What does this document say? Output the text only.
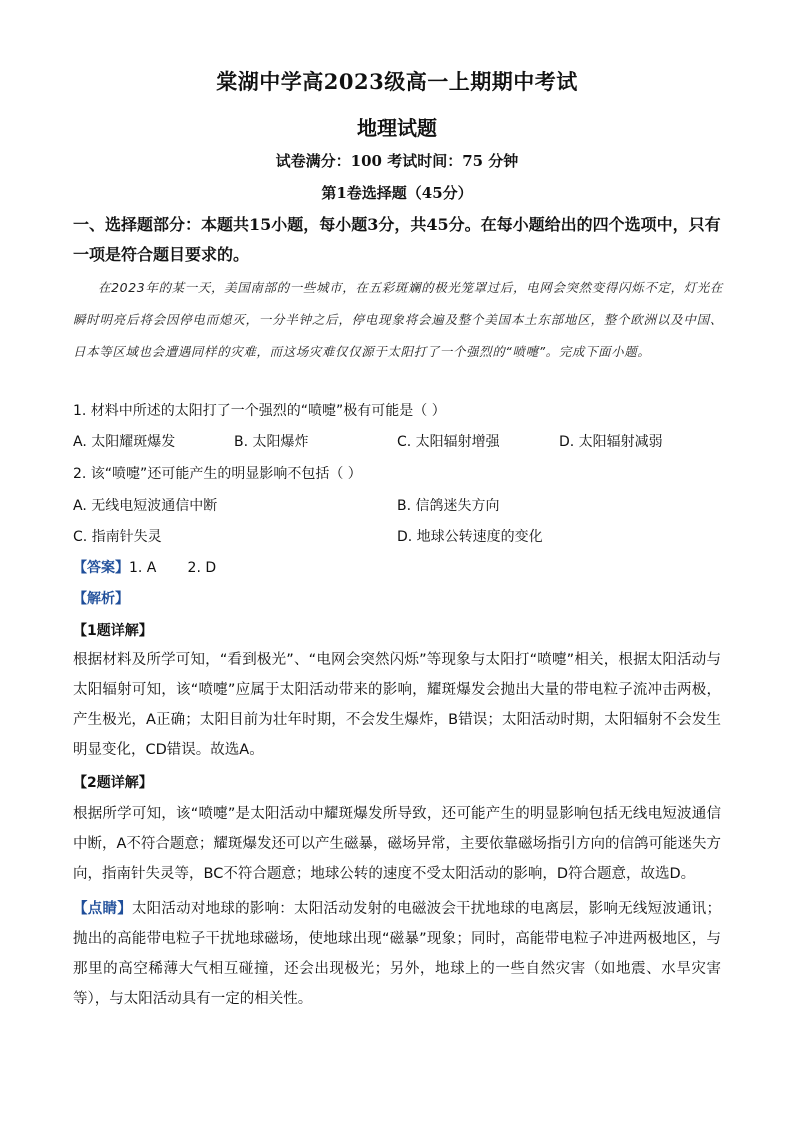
棠湖中学高2023级高一上期期中考试
地理试题
试卷满分：100 考试时间：75 分钟
第1卷选择题（45分）
一、选择题部分：本题共15小题，每小题3分，共45分。在每小题给出的四个选项中，只有一项是符合题目要求的。

在2023年的某一天，美国南部的一些城市，在五彩斑斓的极光笼罩过后，电网会突然变得闪烁不定，灯光在瞬时明亮后将会因停电而熄灭，一分半钟之后，停电现象将会遍及整个美国本土东部地区，整个欧洲以及中国、日本等区域也会遭遇同样的灾难，而这场灾难仅仅源于太阳打了一个强烈的“喷嚏”。完成下面小题。

1. 材料中所述的太阳打了一个强烈的“喷嚏”极有可能是（ ）
A. 太阳耀斑爆发	B. 太阳爆炸	C. 太阳辐射增强	D. 太阳辐射减弱
2. 该“喷嚏”还可能产生的明显影响不包括（ ）
A. 无线电短波通信中断	B. 信鸽迷失方向
C. 指南针失灵	D. 地球公转速度的变化
【答案】1. A       2. D
【解析】
【1题详解】

根据材料及所学可知，“看到极光”、“电网会突然闪烁”等现象与太阳打“喷嚏”相关，根据太阳活动与太阳辐射可知，该“喷嚏”应属于太阳活动带来的影响，耀斑爆发会抛出大量的带电粒子流冲击两极，产生极光，A正确；太阳目前为壮年时期，不会发生爆炸，B错误；太阳活动时期，太阳辐射不会发生明显变化，CD错误。故选A。

【2题详解】

根据所学可知，该“喷嚏”是太阳活动中耀斑爆发所导致，还可能产生的明显影响包括无线电短波通信中断，A不符合题意；耀斑爆发还可以产生磁暴，磁场异常，主要依靠磁场指引方向的信鸽可能迷失方向，指南针失灵等，BC不符合题意；地球公转的速度不受太阳活动的影响，D符合题意，故选D。

【点睛】太阳活动对地球的影响：太阳活动发射的电磁波会干扰地球的电离层，影响无线短波通讯；抛出的高能带电粒子干扰地球磁场，使地球出现“磁暴”现象；同时，高能带电粒子冲进两极地区，与那里的高空稀薄大气相互碰撞，还会出现极光；另外，地球上的一些自然灾害（如地震、水旱灾害等），与太阳活动具有一定的相关性。
